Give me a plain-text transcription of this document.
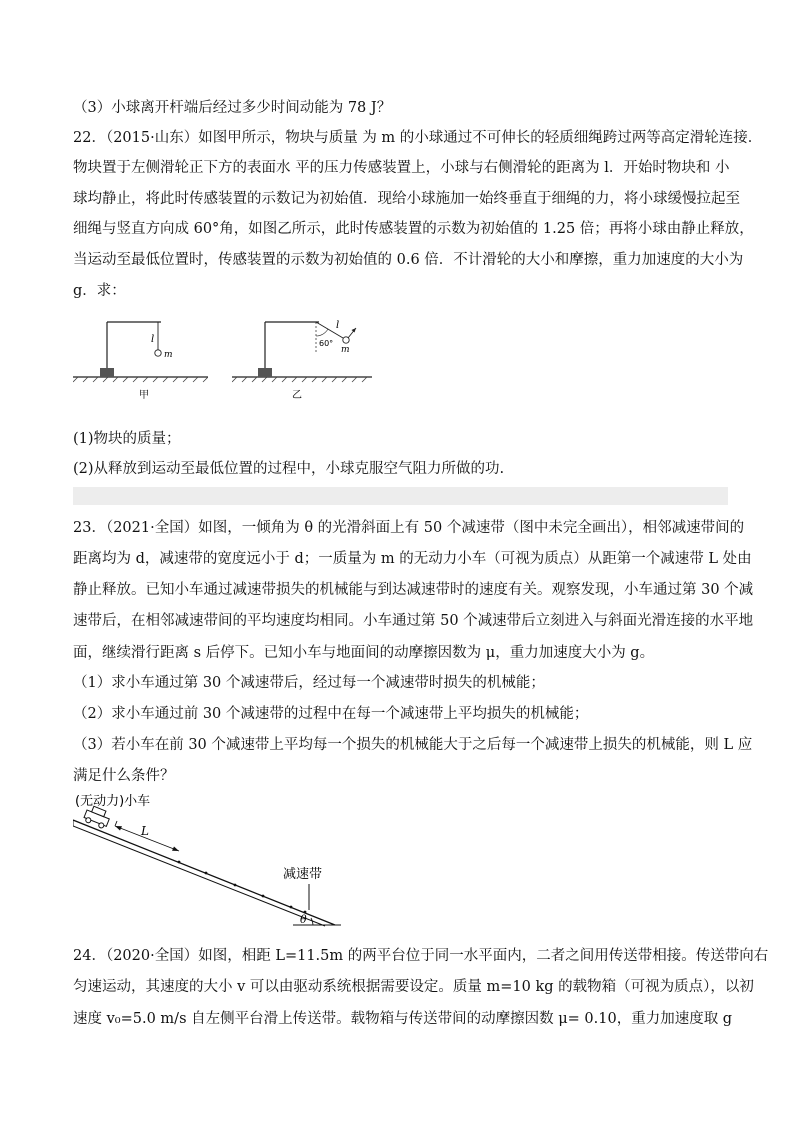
（3）小球离开杆端后经过多少时间动能为 78 J？
22．（2015·山东）如图甲所示，物块与质量 为 m 的小球通过不可伸长的轻质细绳跨过两等高定滑轮连接．
物块置于左侧滑轮正下方的表面水 平的压力传感装置上，小球与右侧滑轮的距离为 l．开始时物块和 小
球均静止，将此时传感装置的示数记为初始值．现给小球施加一始终垂直于细绳的力，将小球缓慢拉起至
细绳与竖直方向成 60°角，如图乙所示，此时传感装置的示数为初始值的 1.25 倍；再将小球由静止释放，
当运动至最低位置时，传感装置的示数为初始值的 0.6 倍．不计滑轮的大小和摩擦，重力加速度的大小为
g．求：
l
m
甲
60°
l
m
乙
(1)物块的质量；
(2)从释放到运动至最低位置的过程中，小球克服空气阻力所做的功.
23．（2021·全国）如图，一倾角为 θ 的光滑斜面上有 50 个减速带（图中未完全画出），相邻减速带间的
距离均为 d，减速带的宽度远小于 d；一质量为 m 的无动力小车（可视为质点）从距第一个减速带 L 处由
静止释放。已知小车通过减速带损失的机械能与到达减速带时的速度有关。观察发现，小车通过第 30 个减
速带后，在相邻减速带间的平均速度均相同。小车通过第 50 个减速带后立刻进入与斜面光滑连接的水平地
面，继续滑行距离 s 后停下。已知小车与地面间的动摩擦因数为 μ，重力加速度大小为 g。
（1）求小车通过第 30 个减速带后，经过每一个减速带时损失的机械能；
（2）求小车通过前 30 个减速带的过程中在每一个减速带上平均损失的机械能；
（3）若小车在前 30 个减速带上平均每一个损失的机械能大于之后每一个减速带上损失的机械能，则 L 应
满足什么条件？
(无动力)小车
L
减速带
θ
24．（2020·全国）如图，相距 L=11.5m 的两平台位于同一水平面内，二者之间用传送带相接。传送带向右
匀速运动，其速度的大小 v 可以由驱动系统根据需要设定。质量 m=10 kg 的载物箱（可视为质点），以初
速度 v₀=5.0 m/s 自左侧平台滑上传送带。载物箱与传送带间的动摩擦因数 μ= 0.10，重力加速度取 g
